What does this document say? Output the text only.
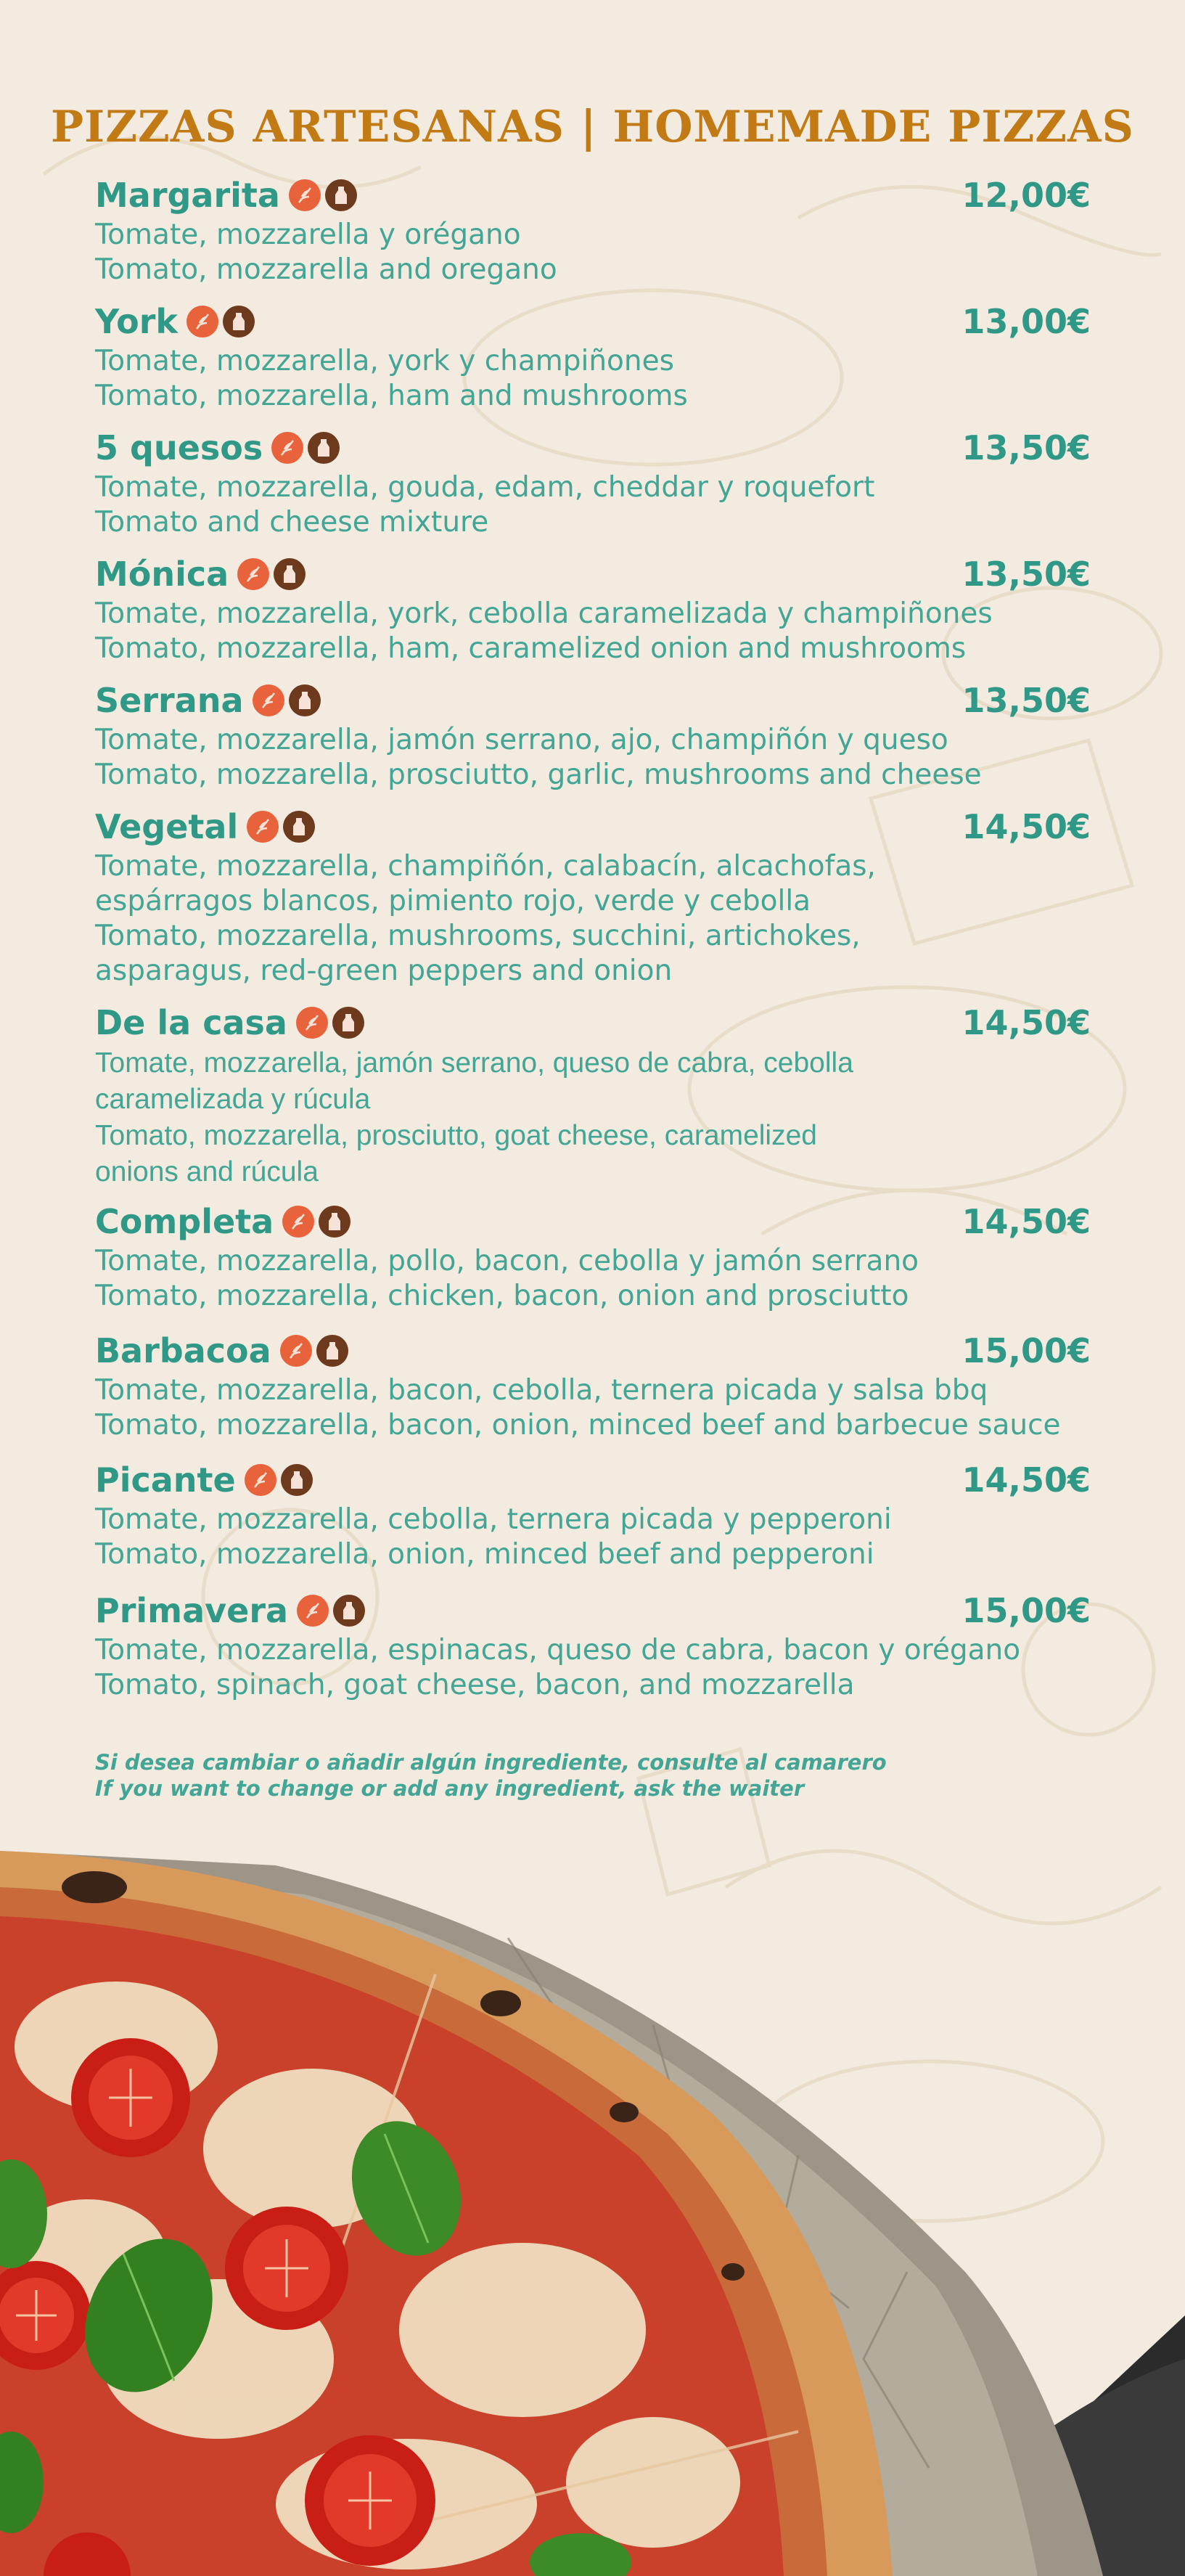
PIZZAS ARTESANAS | HOMEMADE PIZZAS
Margarita	12,00€
Tomate, mozzarella y orégano
Tomato, mozzarella and oregano
York	13,00€
Tomate, mozzarella, york y champiñones
Tomato, mozzarella, ham and mushrooms
5 quesos	13,50€
Tomate, mozzarella, gouda, edam, cheddar y roquefort
Tomato and cheese mixture
Mónica	13,50€
Tomate, mozzarella, york, cebolla caramelizada y champiñones
Tomato, mozzarella, ham, caramelized onion and mushrooms
Serrana	13,50€
Tomate, mozzarella, jamón serrano, ajo, champiñón y queso
Tomato, mozzarella, prosciutto, garlic, mushrooms and cheese
Vegetal	14,50€
Tomate, mozzarella, champiñón, calabacín, alcachofas,
espárragos blancos, pimiento rojo, verde y cebolla
Tomato, mozzarella, mushrooms, succhini, artichokes,
asparagus, red-green peppers and onion
De la casa	14,50€
Tomate, mozzarella, jamón serrano, queso de cabra, cebolla
caramelizada y rúcula
Tomato, mozzarella, prosciutto, goat cheese, caramelized
onions and rúcula
Completa	14,50€
Tomate, mozzarella, pollo, bacon, cebolla y jamón serrano
Tomato, mozzarella, chicken, bacon, onion and prosciutto
Barbacoa	15,00€
Tomate, mozzarella, bacon, cebolla, ternera picada y salsa bbq
Tomato, mozzarella, bacon, onion, minced beef and barbecue sauce
Picante	14,50€
Tomate, mozzarella, cebolla, ternera picada y pepperoni
Tomato, mozzarella, onion, minced beef and pepperoni
Primavera	15,00€
Tomate, mozzarella, espinacas, queso de cabra, bacon y orégano
Tomato, spinach, goat cheese, bacon, and mozzarella
Si desea cambiar o añadir algún ingrediente, consulte al camarero
If you want to change or add any ingredient, ask the waiter
